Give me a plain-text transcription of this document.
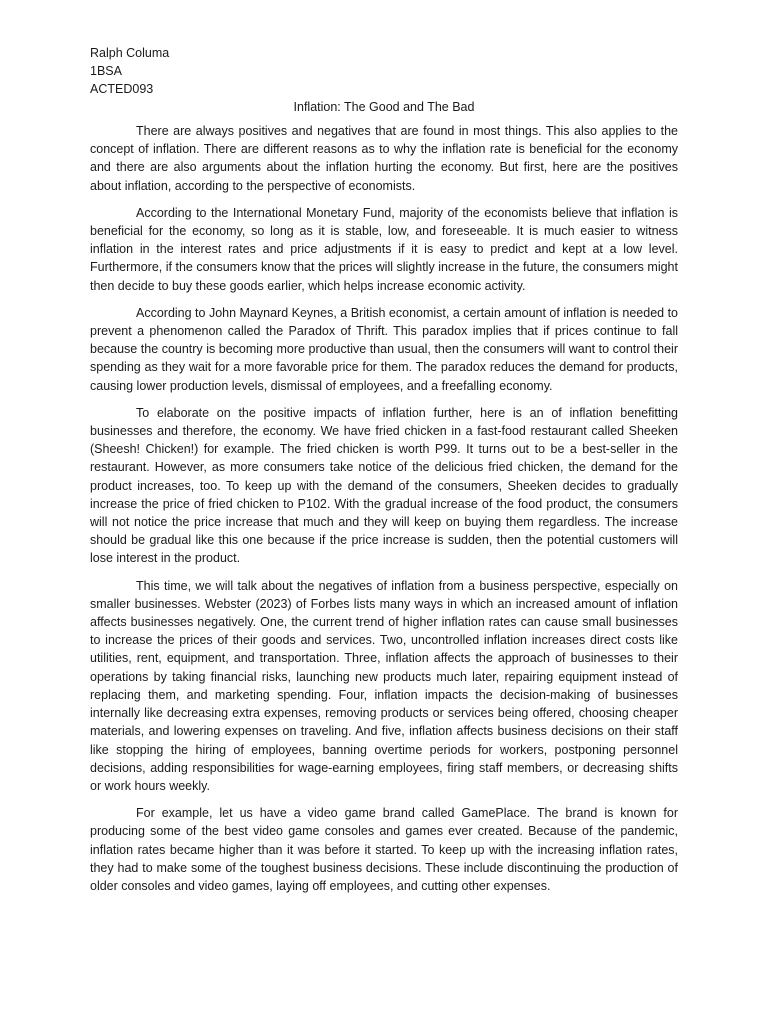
Ralph Columa

1BSA

ACTED093

Inflation: The Good and The Bad

There are always positives and negatives that are found in most things. This also applies to the concept of inflation. There are different reasons as to why the inflation rate is beneficial for the economy and there are also arguments about the inflation hurting the economy. But first, here are the positives about inflation, according to the perspective of economists.

According to the International Monetary Fund, majority of the economists believe that inflation is beneficial for the economy, so long as it is stable, low, and foreseeable. It is much easier to witness inflation in the interest rates and price adjustments if it is easy to predict and kept at a low level. Furthermore, if the consumers know that the prices will slightly increase in the future, the consumers might then decide to buy these goods earlier, which helps increase economic activity.

According to John Maynard Keynes, a British economist, a certain amount of inflation is needed to prevent a phenomenon called the Paradox of Thrift. This paradox implies that if prices continue to fall because the country is becoming more productive than usual, then the consumers will want to control their spending as they wait for a more favorable price for them. The paradox reduces the demand for products, causing lower production levels, dismissal of employees, and a freefalling economy.

To elaborate on the positive impacts of inflation further, here is an of inflation benefitting businesses and therefore, the economy. We have fried chicken in a fast-food restaurant called Sheeken (Sheesh! Chicken!) for example. The fried chicken is worth P99. It turns out to be a best-seller in the restaurant. However, as more consumers take notice of the delicious fried chicken, the demand for the product increases, too. To keep up with the demand of the consumers, Sheeken decides to gradually increase the price of fried chicken to P102. With the gradual increase of the food product, the consumers will not notice the price increase that much and they will keep on buying them regardless. The increase should be gradual like this one because if the price increase is sudden, then the potential customers will lose interest in the product.

This time, we will talk about the negatives of inflation from a business perspective, especially on smaller businesses. Webster (2023) of Forbes lists many ways in which an increased amount of inflation affects businesses negatively. One, the current trend of higher inflation rates can cause small businesses to increase the prices of their goods and services. Two, uncontrolled inflation increases direct costs like utilities, rent, equipment, and transportation. Three, inflation affects the approach of businesses to their operations by taking financial risks, launching new products much later, repairing equipment instead of replacing them, and marketing spending. Four, inflation impacts the decision-making of businesses internally like decreasing extra expenses, removing products or services being offered, choosing cheaper materials, and lowering expenses on traveling. And five, inflation affects business decisions on their staff like stopping the hiring of employees, banning overtime periods for workers, postponing personnel decisions, adding responsibilities for wage-earning employees, firing staff members, or decreasing shifts or work hours weekly.

For example, let us have a video game brand called GamePlace. The brand is known for producing some of the best video game consoles and games ever created. Because of the pandemic, inflation rates became higher than it was before it started. To keep up with the increasing inflation rates, they had to make some of the toughest business decisions. These include discontinuing the production of older consoles and video games, laying off employees, and cutting other expenses.
